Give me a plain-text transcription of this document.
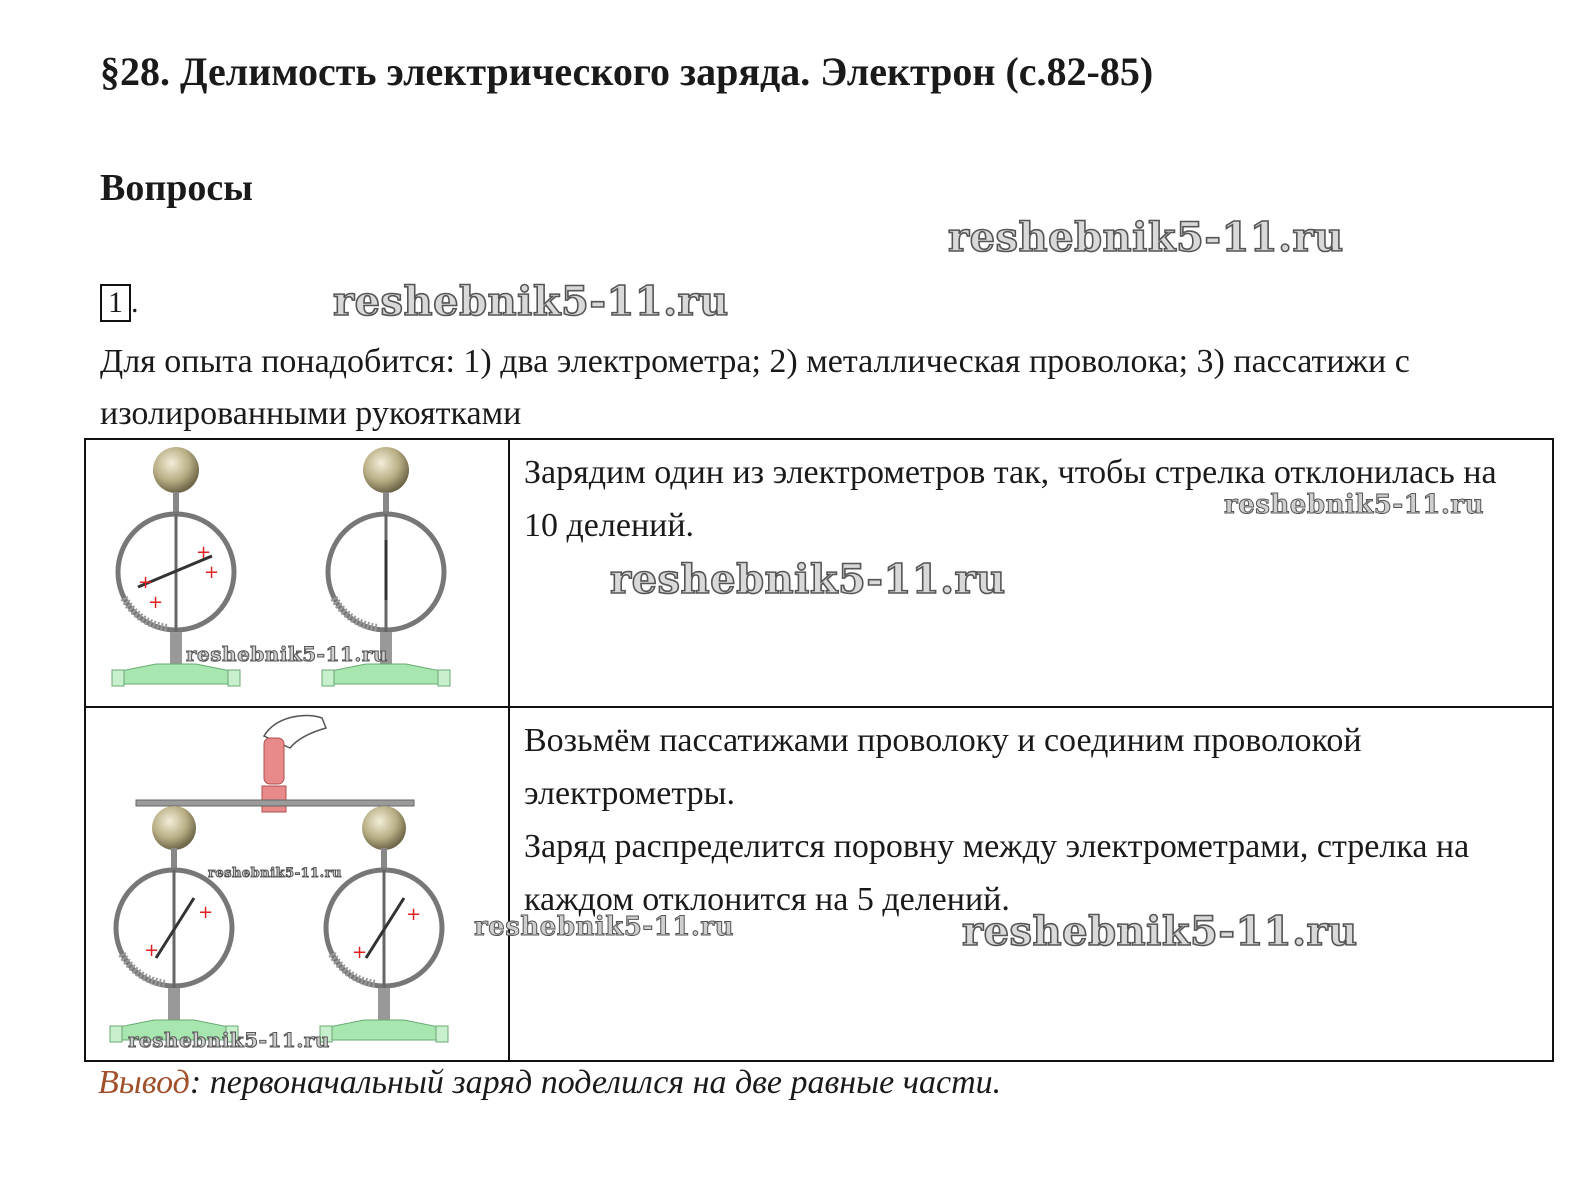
§28. Делимость электрического заряда. Электрон (с.82-85)
Вопросы
reshebnik5-11.ru
1 .	reshebnik5-11.ru
Для опыта понадобится: 1) два электрометра; 2) металлическая проволока; 3) пассатижи с изолированными рукоятками
+
+
+
+
reshebnik5-11.ru

Зарядим один из электрометров так, чтобы стрелка отклонилась на 10 делений.

reshebnik5-11.ru
reshebnik5-11.ru
+
+
+
+
reshebnik5-11.ru
reshebnik5-11.ru

Возьмём пассатижами проволоку и соединим проволокой электрометры.

Заряд распределится поровну между электрометрами, стрелка на каждом отклонится на 5 делений.

reshebnik5-11.ru	reshebnik5-11.ru
Вывод: первоначальный заряд поделился на две равные части.
